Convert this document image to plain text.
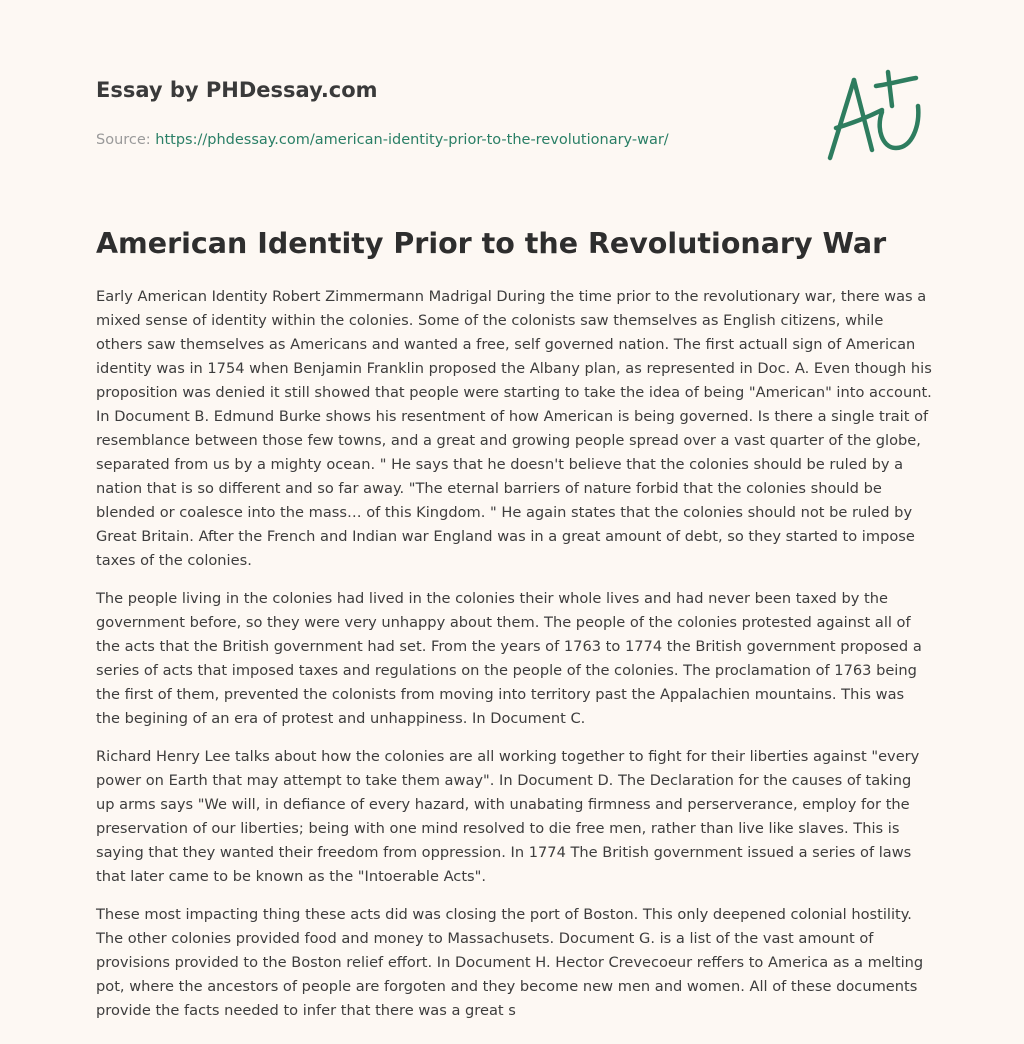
Essay by PHDessay.com
Source: https://phdessay.com/american-identity-prior-to-the-revolutionary-war/
American Identity Prior to the Revolutionary War

Early American Identity Robert Zimmermann Madrigal During the time prior to the revolutionary war, there was a mixed sense of identity within the colonies. Some of the colonists saw themselves as English citizens, while others saw themselves as Americans and wanted a free, self governed nation. The first actuall sign of American identity was in 1754 when Benjamin Franklin proposed the Albany plan, as represented in Doc. A. Even though his proposition was denied it still showed that people were starting to take the idea of being "American" into account. In Document B. Edmund Burke shows his resentment of how American is being governed. Is there a single trait of resemblance between those few towns, and a great and growing people spread over a vast quarter of the globe, separated from us by a mighty ocean. " He says that he doesn't believe that the colonies should be ruled by a nation that is so different and so far away. "The eternal barriers of nature forbid that the colonies should be blended or coalesce into the mass… of this Kingdom. " He again states that the colonies should not be ruled by Great Britain. After the French and Indian war England was in a great amount of debt, so they started to impose taxes of the colonies.

The people living in the colonies had lived in the colonies their whole lives and had never been taxed by the government before, so they were very unhappy about them. The people of the colonies protested against all of the acts that the British government had set. From the years of 1763 to 1774 the British government proposed a series of acts that imposed taxes and regulations on the people of the colonies. The proclamation of 1763 being the first of them, prevented the colonists from moving into territory past the Appalachien mountains. This was the begining of an era of protest and unhappiness. In Document C.

Richard Henry Lee talks about how the colonies are all working together to fight for their liberties against "every power on Earth that may attempt to take them away". In Document D. The Declaration for the causes of taking up arms says "We will, in defiance of every hazard, with unabating firmness and perserverance, employ for the preservation of our liberties; being with one mind resolved to die free men, rather than live like slaves. This is saying that they wanted their freedom from oppression. In 1774 The British government issued a series of laws that later came to be known as the "Intoerable Acts".

These most impacting thing these acts did was closing the port of Boston. This only deepened colonial hostility. The other colonies provided food and money to Massachusets. Document G. is a list of the vast amount of provisions provided to the Boston relief effort. In Document H. Hector Crevecoeur reffers to America as a melting pot, where the ancestors of people are forgoten and they become new men and women. All of these documents provide the facts needed to infer that there was a great s
